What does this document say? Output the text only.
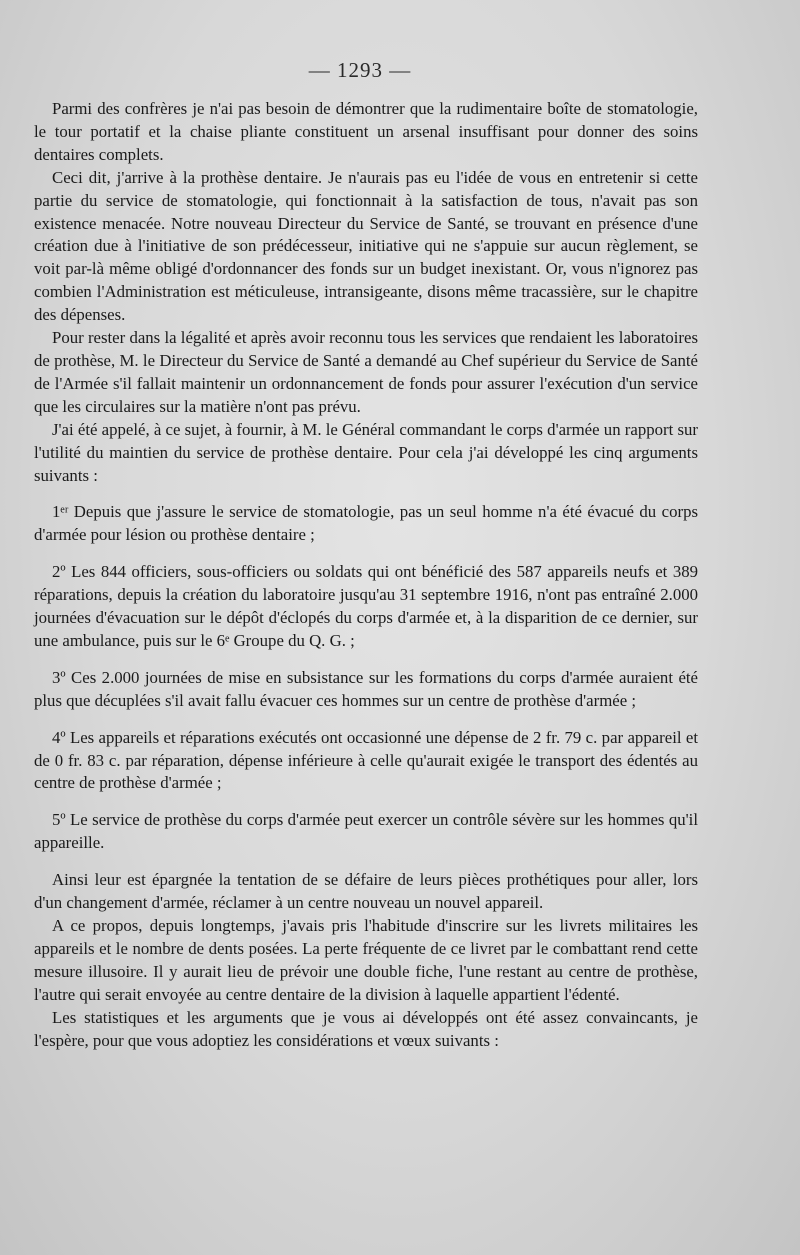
— 1293 —

Parmi des confrères je n'ai pas besoin de démontrer que la rudimentaire boîte de stomatologie, le tour portatif et la chaise pliante constituent un arsenal insuffisant pour donner des soins dentaires complets.

Ceci dit, j'arrive à la prothèse dentaire. Je n'aurais pas eu l'idée de vous en entretenir si cette partie du service de stomatologie, qui fonctionnait à la satisfaction de tous, n'avait pas son existence menacée. Notre nouveau Directeur du Service de Santé, se trouvant en présence d'une création due à l'initiative de son prédécesseur, initiative qui ne s'appuie sur aucun règlement, se voit par-là même obligé d'ordonnancer des fonds sur un budget inexistant. Or, vous n'ignorez pas combien l'Administration est méticuleuse, intransigeante, disons même tracassière, sur le chapitre des dépenses.

Pour rester dans la légalité et après avoir reconnu tous les services que rendaient les laboratoires de prothèse, M. le Directeur du Service de Santé a demandé au Chef supérieur du Service de Santé de l'Armée s'il fallait maintenir un ordonnancement de fonds pour assurer l'exécution d'un service que les circulaires sur la matière n'ont pas prévu.

J'ai été appelé, à ce sujet, à fournir, à M. le Général commandant le corps d'armée un rapport sur l'utilité du maintien du service de prothèse dentaire. Pour cela j'ai développé les cinq arguments suivants :

1ᵉʳ Depuis que j'assure le service de stomatologie, pas un seul homme n'a été évacué du corps d'armée pour lésion ou prothèse dentaire ;

2º Les 844 officiers, sous-officiers ou soldats qui ont bénéficié des 587 appareils neufs et 389 réparations, depuis la création du laboratoire jusqu'au 31 septembre 1916, n'ont pas entraîné 2.000 journées d'évacuation sur le dépôt d'éclopés du corps d'armée et, à la disparition de ce dernier, sur une ambulance, puis sur le 6ᵉ Groupe du Q. G. ;

3º Ces 2.000 journées de mise en subsistance sur les formations du corps d'armée auraient été plus que décuplées s'il avait fallu évacuer ces hommes sur un centre de prothèse d'armée ;

4º Les appareils et réparations exécutés ont occasionné une dépense de 2 fr. 79 c. par appareil et de 0 fr. 83 c. par réparation, dépense inférieure à celle qu'aurait exigée le transport des édentés au centre de prothèse d'armée ;

5º Le service de prothèse du corps d'armée peut exercer un contrôle sévère sur les hommes qu'il appareille.

Ainsi leur est épargnée la tentation de se défaire de leurs pièces prothétiques pour aller, lors d'un changement d'armée, réclamer à un centre nouveau un nouvel appareil.

A ce propos, depuis longtemps, j'avais pris l'habitude d'inscrire sur les livrets militaires les appareils et le nombre de dents posées. La perte fréquente de ce livret par le combattant rend cette mesure illusoire. Il y aurait lieu de prévoir une double fiche, l'une restant au centre de prothèse, l'autre qui serait envoyée au centre dentaire de la division à laquelle appartient l'édenté.

Les statistiques et les arguments que je vous ai développés ont été assez convaincants, je l'espère, pour que vous adoptiez les considérations et vœux suivants :
